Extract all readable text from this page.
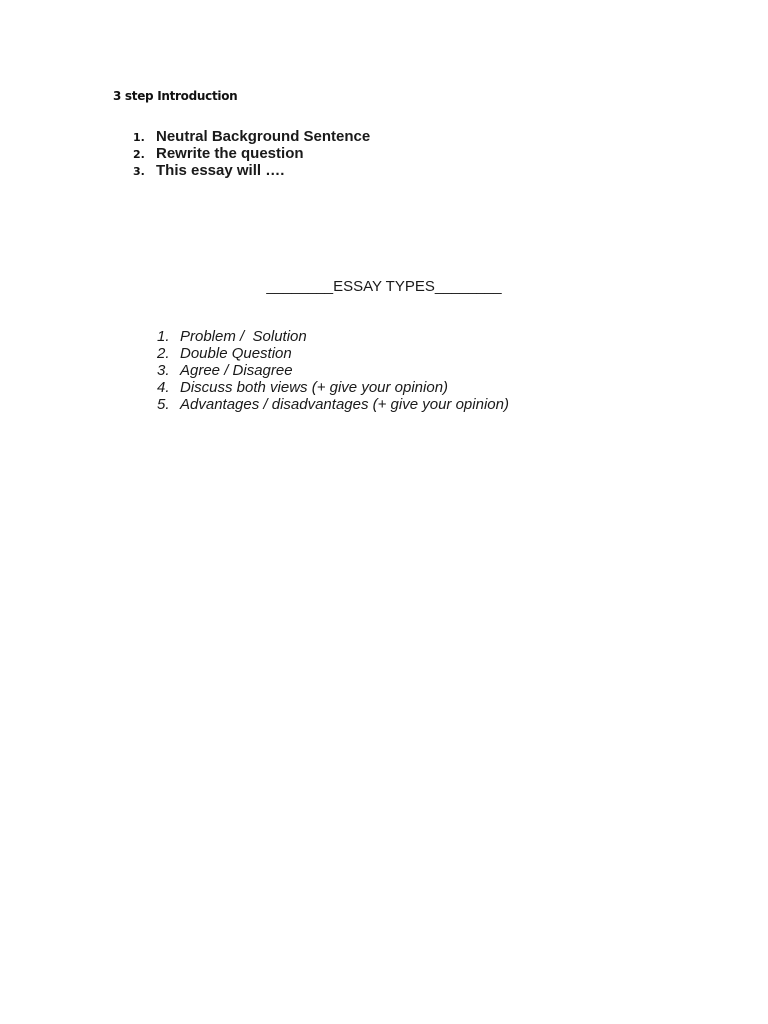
3 step Introduction
1. Neutral Background Sentence
2. Rewrite the question
3. This essay will ….
________ESSAY TYPES________
1. Problem /  Solution
2. Double Question
3. Agree / Disagree
4. Discuss both views (+ give your opinion)
5. Advantages / disadvantages (+ give your opinion)
